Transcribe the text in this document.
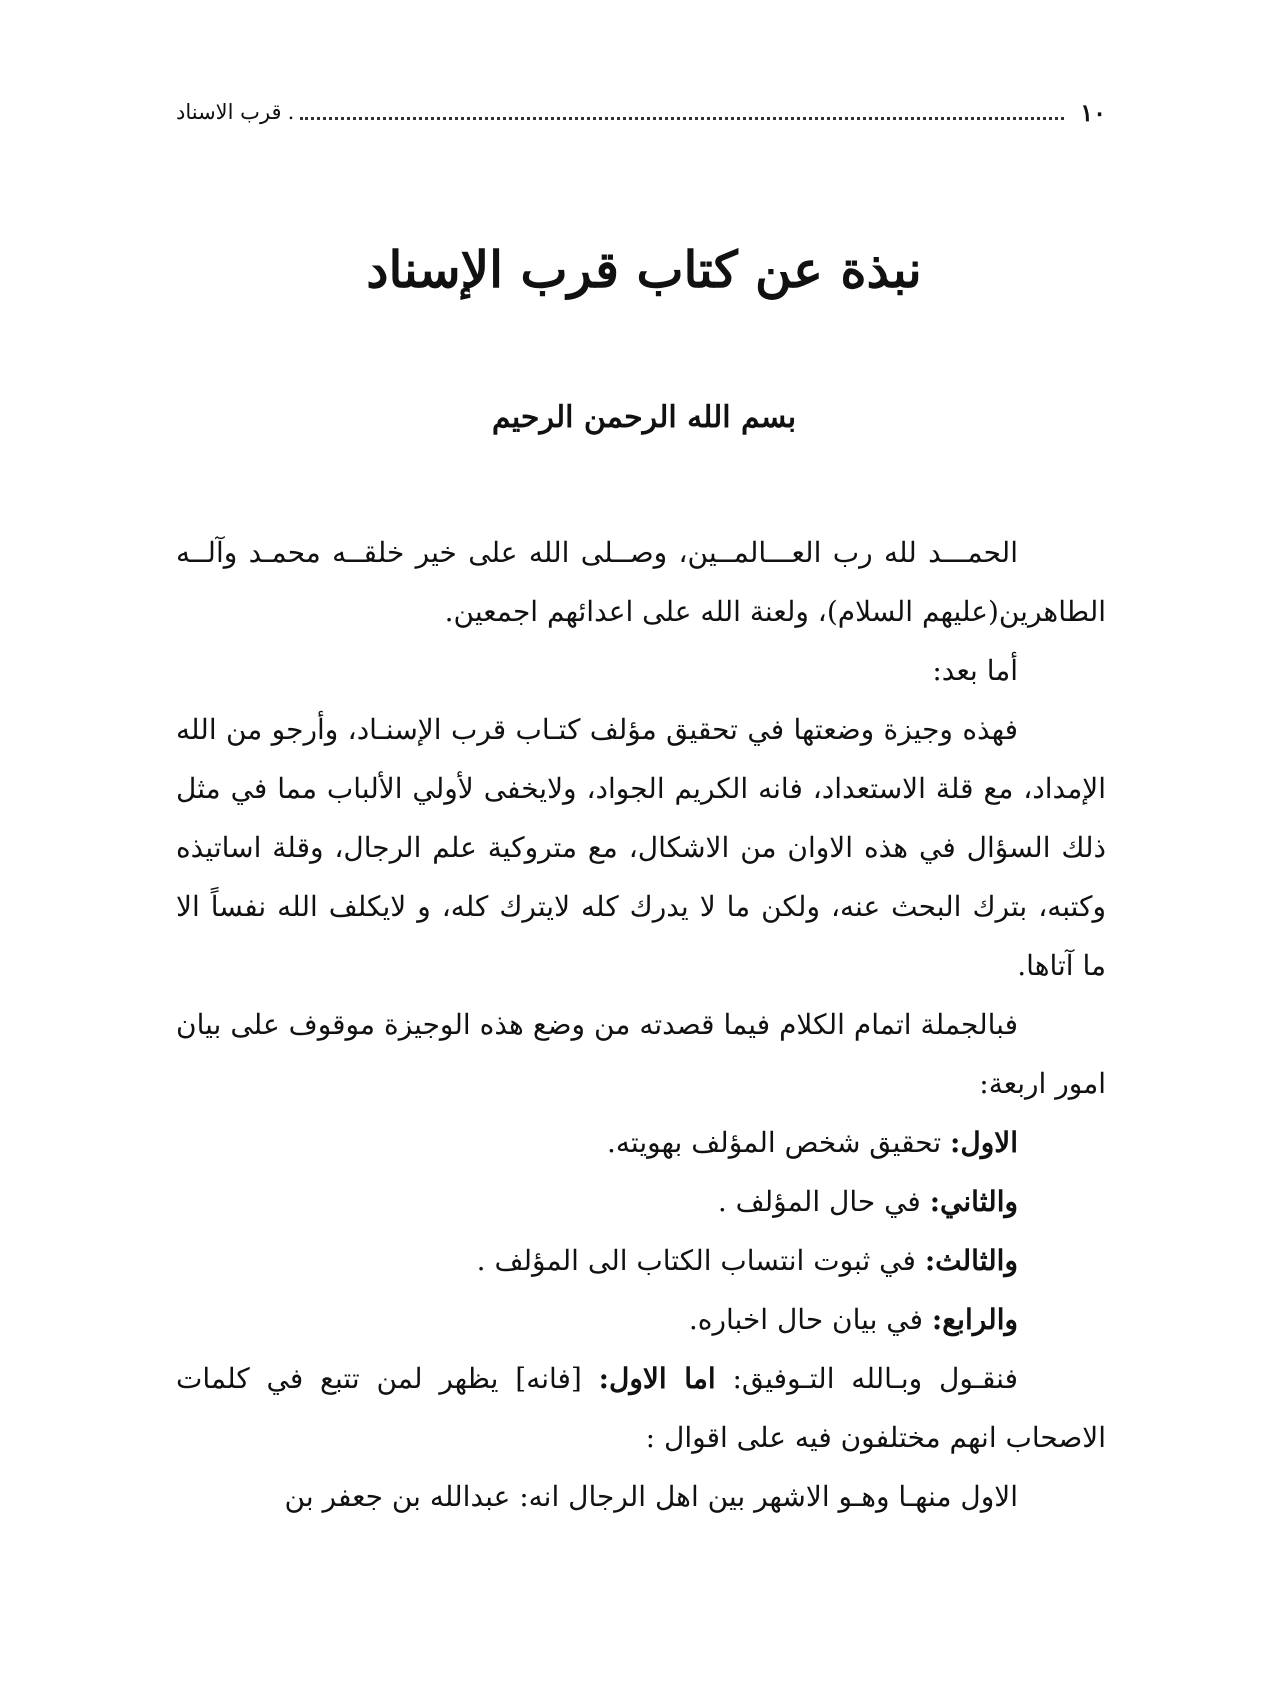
١٠
.
قرب الاسناد
نبذة عن كتاب قرب الإسناد
بسم الله الرحمن الرحيم

الحمـــد لله رب العـــالمــين، وصــلى الله على خير خلقــه محمـد وآلــه الطاهرين(عليهم السلام)، ولعنة الله على اعدائهم اجمعين.

أما بعد:

فهذه وجيزة وضعتها في تحقيق مؤلف كتـاب قرب الإسنـاد، وأرجو من الله الإمداد، مع قلة الاستعداد، فانه الكريم الجواد، ولايخفى لأولي الألباب مما في مثل ذلك السؤال في هذه الاوان من الاشكال، مع متروكية علم الرجال، وقلة اساتيذه وكتبه، بترك البحث عنه، ولكن ما لا يدرك كله لايترك كله، و لايكلف الله نفساً الا ما آتاها.

فبالجملة اتمام الكلام فيما قصدته من وضع هذه الوجيزة موقوف على بيان امور اربعة:

الاول: تحقيق شخص المؤلف بهويته.

والثاني: في حال المؤلف .

والثالث: في ثبوت انتساب الكتاب الى المؤلف .

والرابع: في بيان حال اخباره.

فنقـول وبـالله التـوفيق: اما الاول: [فانه] يظهر لمن تتبع في كلمات الاصحاب انهم مختلفون فيه على اقوال :

الاول منهـا وهـو الاشهر بين اهل الرجال انه: عبدالله بن جعفر بن
